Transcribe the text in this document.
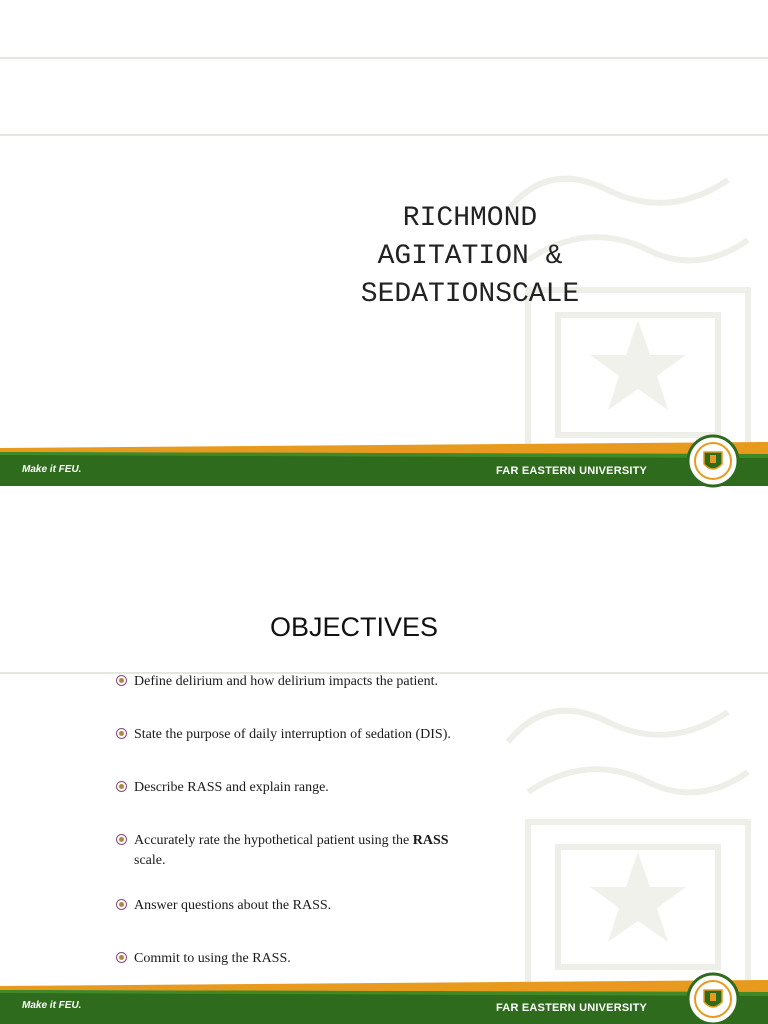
RICHMOND
AGITATION &
SEDATIONSCALE
Make it FEU.	FAR EASTERN UNIVERSITY
OBJECTIVES
Define delirium and how delirium impacts the patient.
State the purpose of daily interruption of sedation (DIS).
Describe RASS and explain range.
Accurately rate the hypothetical patient using the RASS
scale.
Answer questions about the RASS.
Commit to using the RASS.
Make it FEU.	FAR EASTERN UNIVERSITY
